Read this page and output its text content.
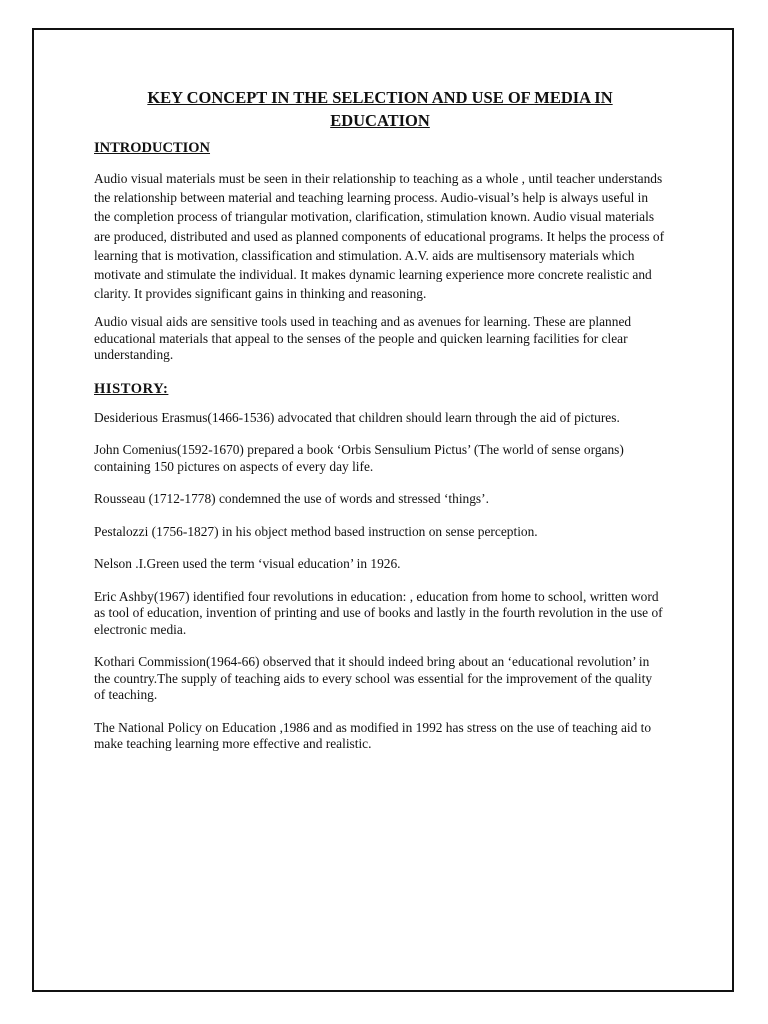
KEY CONCEPT IN THE SELECTION AND USE OF MEDIA IN
EDUCATION
INTRODUCTION

Audio visual materials must be seen in their relationship to teaching as a whole , until teacher understands the relationship between material and teaching learning process. Audio-visual’s help is always useful in the completion process of triangular motivation, clarification, stimulation known. Audio visual materials are produced, distributed and used as planned components of educational programs. It helps the process of learning that is motivation, classification and stimulation. A.V. aids are multisensory materials which motivate and stimulate the individual. It makes dynamic learning experience more concrete realistic and clarity. It provides significant gains in thinking and reasoning.

Audio visual aids are sensitive tools used in teaching and as avenues for learning. These are planned educational materials that appeal to the senses of the people and quicken learning facilities for clear understanding.

HISTORY:

Desiderious Erasmus(1466-1536) advocated that children should learn through the aid of pictures.

John Comenius(1592-1670) prepared a book ‘Orbis Sensulium Pictus’ (The world of sense organs) containing 150 pictures on aspects of every day life.

Rousseau (1712-1778) condemned the use of words and stressed ‘things’.

Pestalozzi (1756-1827) in his object method based instruction on sense perception.

Nelson .I.Green used the term ‘visual education’ in 1926.

Eric Ashby(1967) identified four revolutions in education: , education from home to school, written word as tool of education, invention of printing and use of books and lastly in the fourth revolution in the use of electronic media.

Kothari Commission(1964-66) observed that it should indeed bring about an ‘educational revolution’ in the country.The supply of teaching aids to every school was essential for the improvement of the quality of teaching.

The National Policy on Education ,1986 and as modified in 1992 has stress on the use of teaching aid to make teaching learning more effective and realistic.
